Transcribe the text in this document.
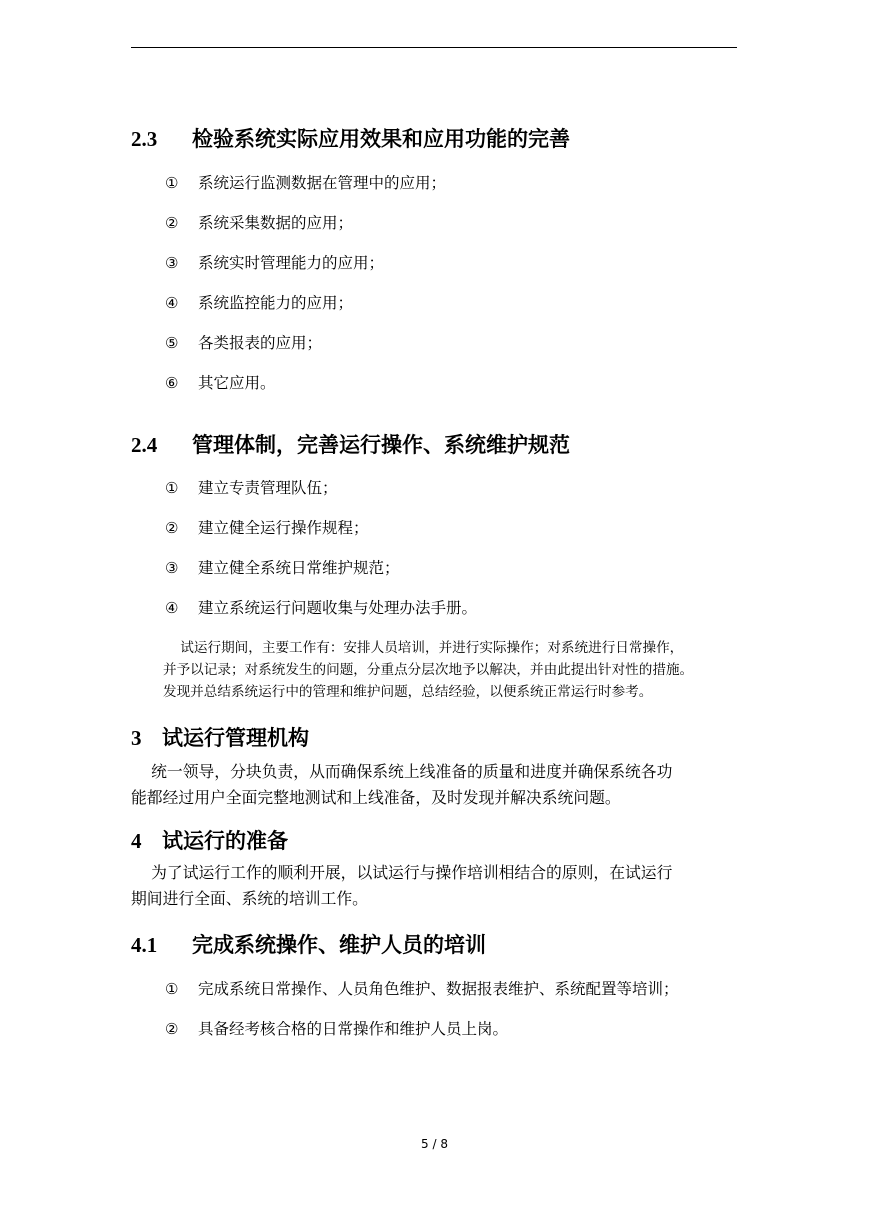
2.3 检验系统实际应用效果和应用功能的完善
① 系统运行监测数据在管理中的应用；
② 系统采集数据的应用；
③ 系统实时管理能力的应用；
④ 系统监控能力的应用；
⑤ 各类报表的应用；
⑥ 其它应用。
2.4 管理体制，完善运行操作、系统维护规范
① 建立专责管理队伍；
② 建立健全运行操作规程；
③ 建立健全系统日常维护规范；
④ 建立系统运行问题收集与处理办法手册。
试运行期间，主要工作有：安排人员培训，并进行实际操作；对系统进行日常操作，
并予以记录；对系统发生的问题，分重点分层次地予以解决，并由此提出针对性的措施。
发现并总结系统运行中的管理和维护问题，总结经验，以便系统正常运行时参考。
3 试运行管理机构
统一领导，分块负责，从而确保系统上线准备的质量和进度并确保系统各功
能都经过用户全面完整地测试和上线准备，及时发现并解决系统问题。
4 试运行的准备
为了试运行工作的顺利开展，以试运行与操作培训相结合的原则，在试运行
期间进行全面、系统的培训工作。
4.1 完成系统操作、维护人员的培训
① 完成系统日常操作、人员角色维护、数据报表维护、系统配置等培训；
② 具备经考核合格的日常操作和维护人员上岗。
5 / 8
